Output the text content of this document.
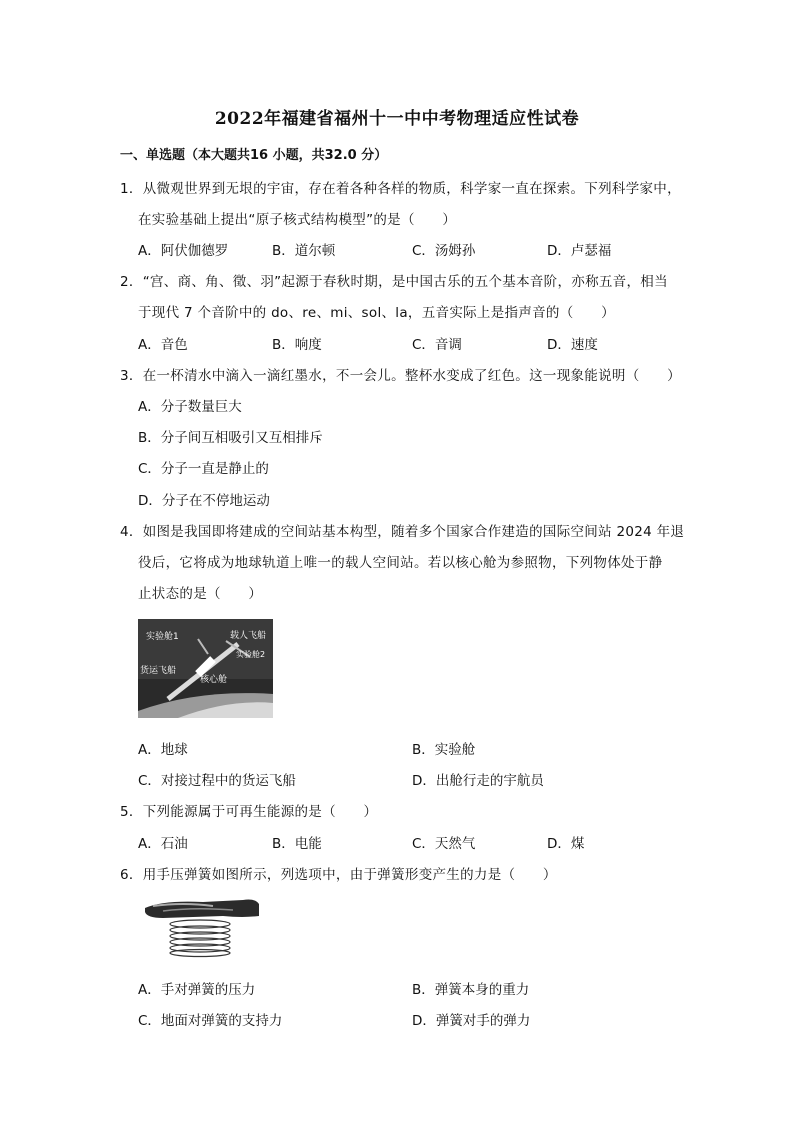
2022年福建省福州十一中中考物理适应性试卷
一、单选题（本大题共16 小题，共32.0 分）
1．从微观世界到无垠的宇宙，存在着各种各样的物质，科学家一直在探索。下列科学家中，
在实验基础上提出“原子核式结构模型”的是（　　）
A．阿伏伽德罗	B．道尔顿	C．汤姆孙	D．卢瑟福
2．“宫、商、角、徵、羽”起源于春秋时期，是中国古乐的五个基本音阶，亦称五音，相当
于现代 7 个音阶中的 do、re、mi、sol、la，五音实际上是指声音的（　　）
A．音色	B．响度	C．音调	D．速度
3．在一杯清水中滴入一滴红墨水，不一会儿。整杯水变成了红色。这一现象能说明（　　）
A．分子数量巨大
B．分子间互相吸引又互相排斥
C．分子一直是静止的
D．分子在不停地运动
4．如图是我国即将建成的空间站基本构型，随着多个国家合作建造的国际空间站 2024 年退
役后，它将成为地球轨道上唯一的载人空间站。若以核心舱为参照物，下列物体处于静
止状态的是（　　）
实验舱1	载人飞船
实验舱2
货运飞船
核心舱
A．地球	B．实验舱
C．对接过程中的货运飞船	D．出舱行走的宇航员
5．下列能源属于可再生能源的是（　　）
A．石油	B．电能	C．天然气	D．煤
6．用手压弹簧如图所示，列选项中，由于弹簧形变产生的力是（　　）
A．手对弹簧的压力	B．弹簧本身的重力
C．地面对弹簧的支持力	D．弹簧对手的弹力
